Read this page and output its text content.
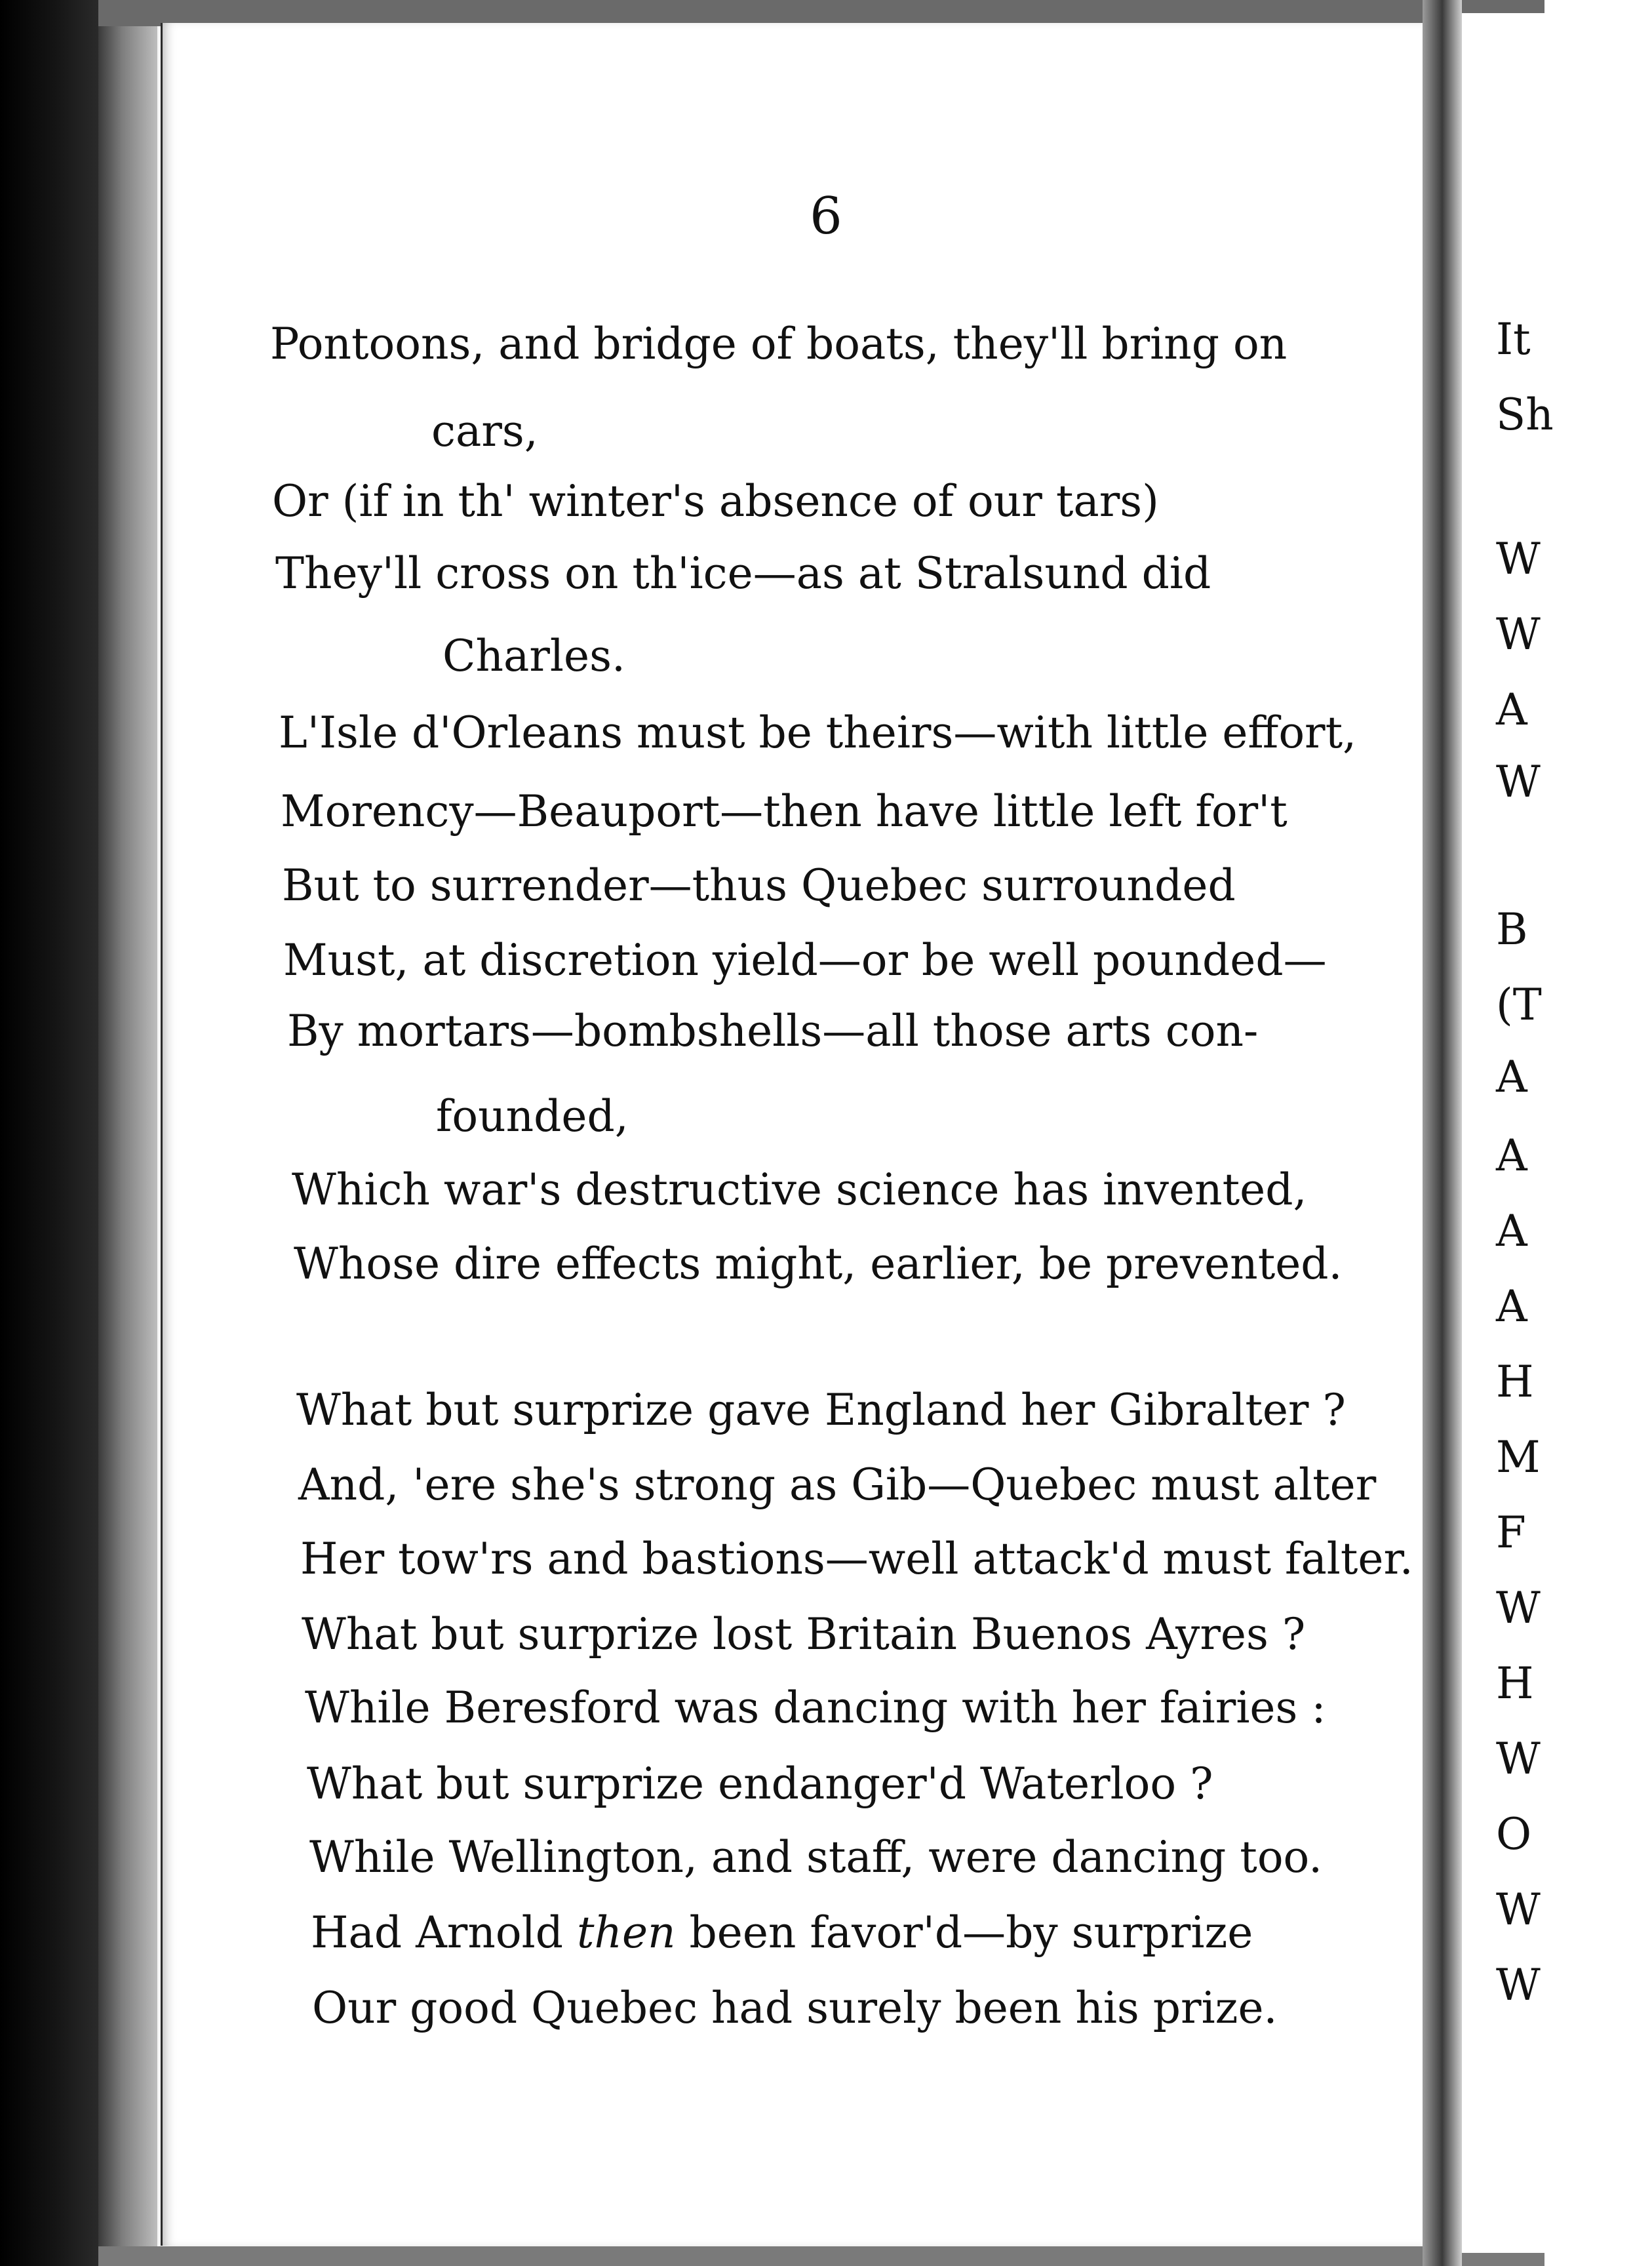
6
Pontoons, and bridge of boats, they'll bring on
cars,
Or (if in th' winter's absence of our tars)
They'll cross on th'ice—as at Stralsund did
Charles.
L'Isle d'Orleans must be theirs—with little effort,
Morency—Beauport—then have little left for't
But to surrender—thus Quebec surrounded
Must, at discretion yield—or be well pounded—
By mortars—bombshells—all those arts con-
founded,
Which war's destructive science has invented,
Whose dire effects might, earlier, be prevented.
What but surprize gave England her Gibralter ?
And, 'ere she's strong as Gib—Quebec must alter
Her tow'rs and bastions—well attack'd must falter.
What but surprize lost Britain Buenos Ayres ?
While Beresford was dancing with her fairies :
What but surprize endanger'd Waterloo ?
While Wellington, and staff, were dancing too.
Had Arnold then been favor'd—by surprize
Our good Quebec had surely been his prize.
It
Sh
W
W
A
W
B
(T
A
A
A
A
H
M
F
W
H
W
O
W
W
